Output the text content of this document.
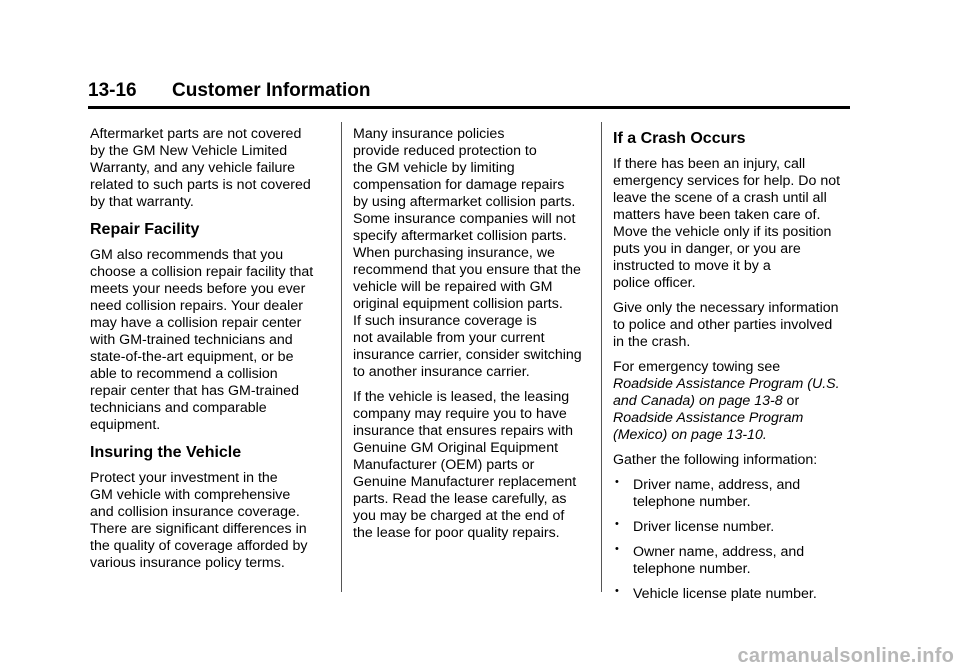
13-16 Customer Information

Aftermarket parts are not covered
by the GM New Vehicle Limited
Warranty, and any vehicle failure
related to such parts is not covered
by that warranty.

Repair Facility

GM also recommends that you
choose a collision repair facility that
meets your needs before you ever
need collision repairs. Your dealer
may have a collision repair center
with GM-trained technicians and
state-of-the-art equipment, or be
able to recommend a collision
repair center that has GM-trained
technicians and comparable
equipment.

Insuring the Vehicle

Protect your investment in the
GM vehicle with comprehensive
and collision insurance coverage.
There are significant differences in
the quality of coverage afforded by
various insurance policy terms.

Many insurance policies
provide reduced protection to
the GM vehicle by limiting
compensation for damage repairs
by using aftermarket collision parts.
Some insurance companies will not
specify aftermarket collision parts.
When purchasing insurance, we
recommend that you ensure that the
vehicle will be repaired with GM
original equipment collision parts.
If such insurance coverage is
not available from your current
insurance carrier, consider switching
to another insurance carrier.

If the vehicle is leased, the leasing
company may require you to have
insurance that ensures repairs with
Genuine GM Original Equipment
Manufacturer (OEM) parts or
Genuine Manufacturer replacement
parts. Read the lease carefully, as
you may be charged at the end of
the lease for poor quality repairs.

If a Crash Occurs

If there has been an injury, call
emergency services for help. Do not
leave the scene of a crash until all
matters have been taken care of.
Move the vehicle only if its position
puts you in danger, or you are
instructed to move it by a
police officer.

Give only the necessary information
to police and other parties involved
in the crash.

For emergency towing see
Roadside Assistance Program (U.S.
and Canada) on page 13-8 or
Roadside Assistance Program
(Mexico) on page 13-10.

Gather the following information:

• Driver name, address, and
telephone number.
• Driver license number.
• Owner name, address, and
telephone number.
• Vehicle license plate number.
carmanualsonline.info
